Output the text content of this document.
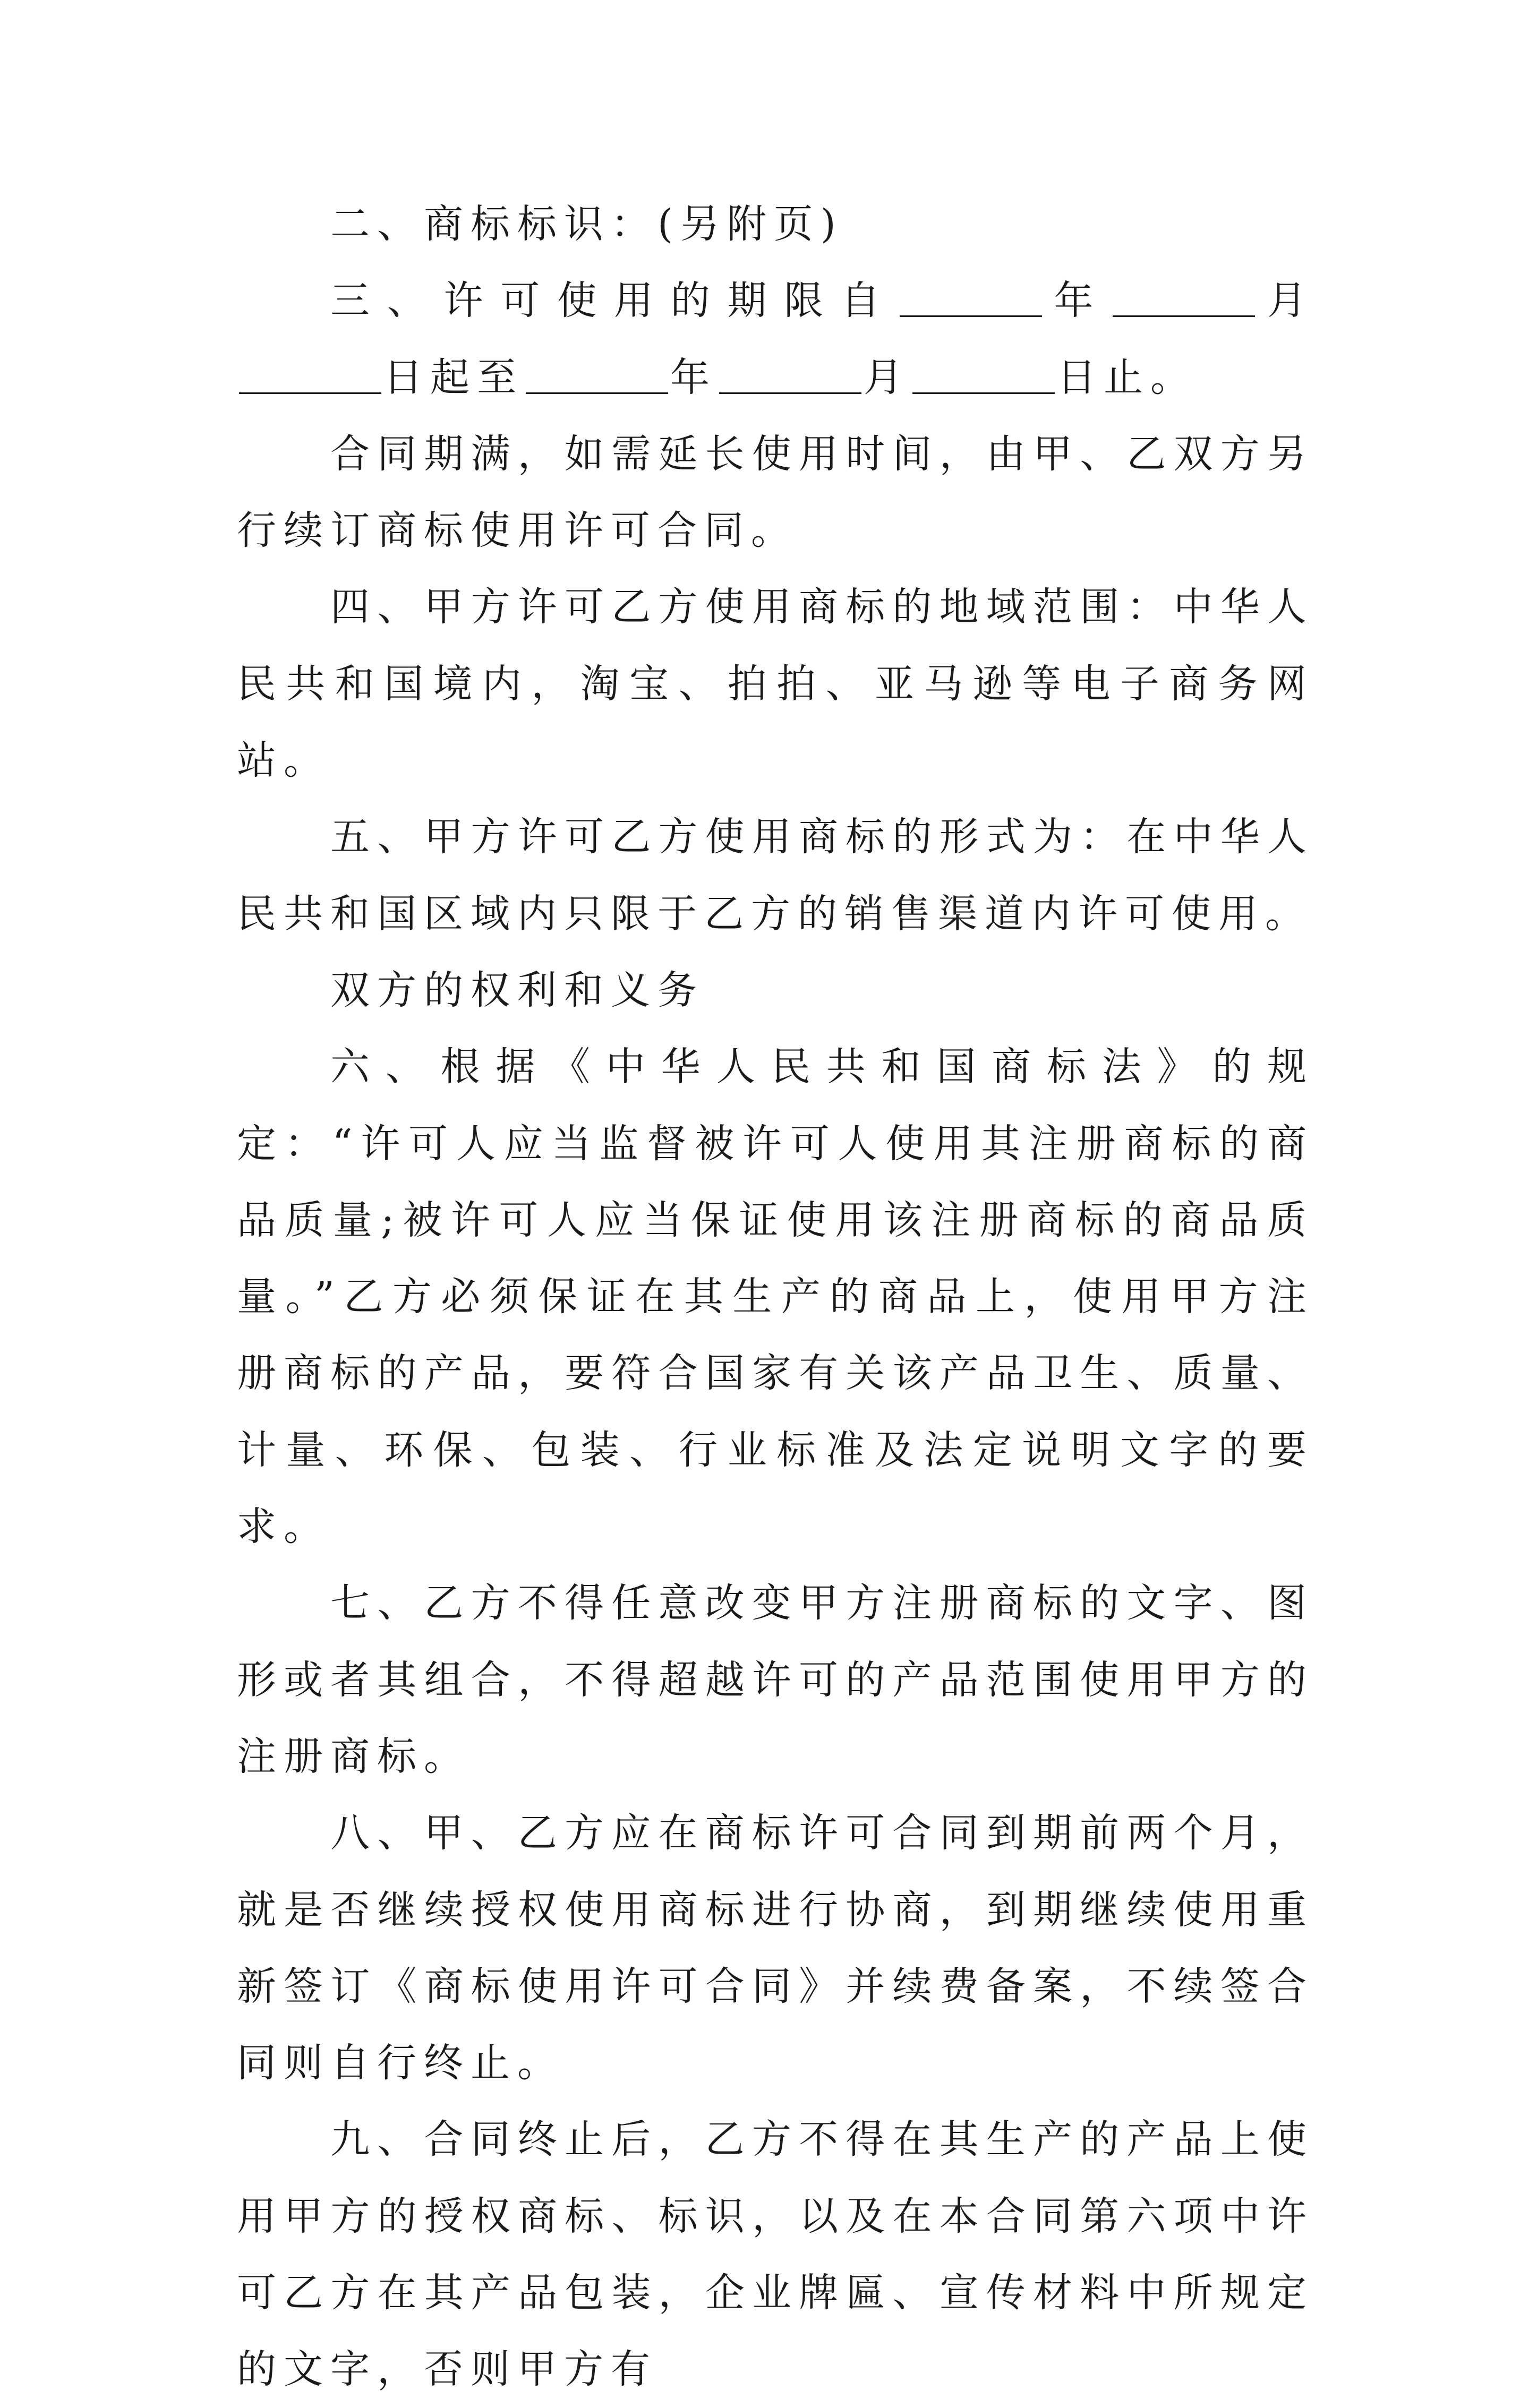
二、商标标识：(另附页)

三、许可使用的期限自	年	月日起至	年	月	日止。

合同期满，如需延长使用时间，由甲、乙双方另行续订商标使用许可合同。

四、甲方许可乙方使用商标的地域范围：中华人民共和国境内，淘宝、拍拍、亚马逊等电子商务网站。

五、甲方许可乙方使用商标的形式为：在中华人民共和国区域内只限于乙方的销售渠道内许可使用。

双方的权利和义务

六、根据《中华人民共和国商标法》的规定：“许可人应当监督被许可人使用其注册商标的商品质量;被许可人应当保证使用该注册商标的商品质量。”乙方必须保证在其生产的商品上，使用甲方注册商标的产品，要符合国家有关该产品卫生、质量、计量、环保、包装、行业标准及法定说明文字的要求。

七、乙方不得任意改变甲方注册商标的文字、图形或者其组合，不得超越许可的产品范围使用甲方的注册商标。

八、甲、乙方应在商标许可合同到期前两个月，就是否继续授权使用商标进行协商，到期继续使用重新签订《商标使用许可合同》并续费备案，不续签合同则自行终止。

九、合同终止后，乙方不得在其生产的产品上使用甲方的授权商标、标识，以及在本合同第六项中许可乙方在其产品包装，企业牌匾、宣传材料中所规定的文字，否则甲方有
